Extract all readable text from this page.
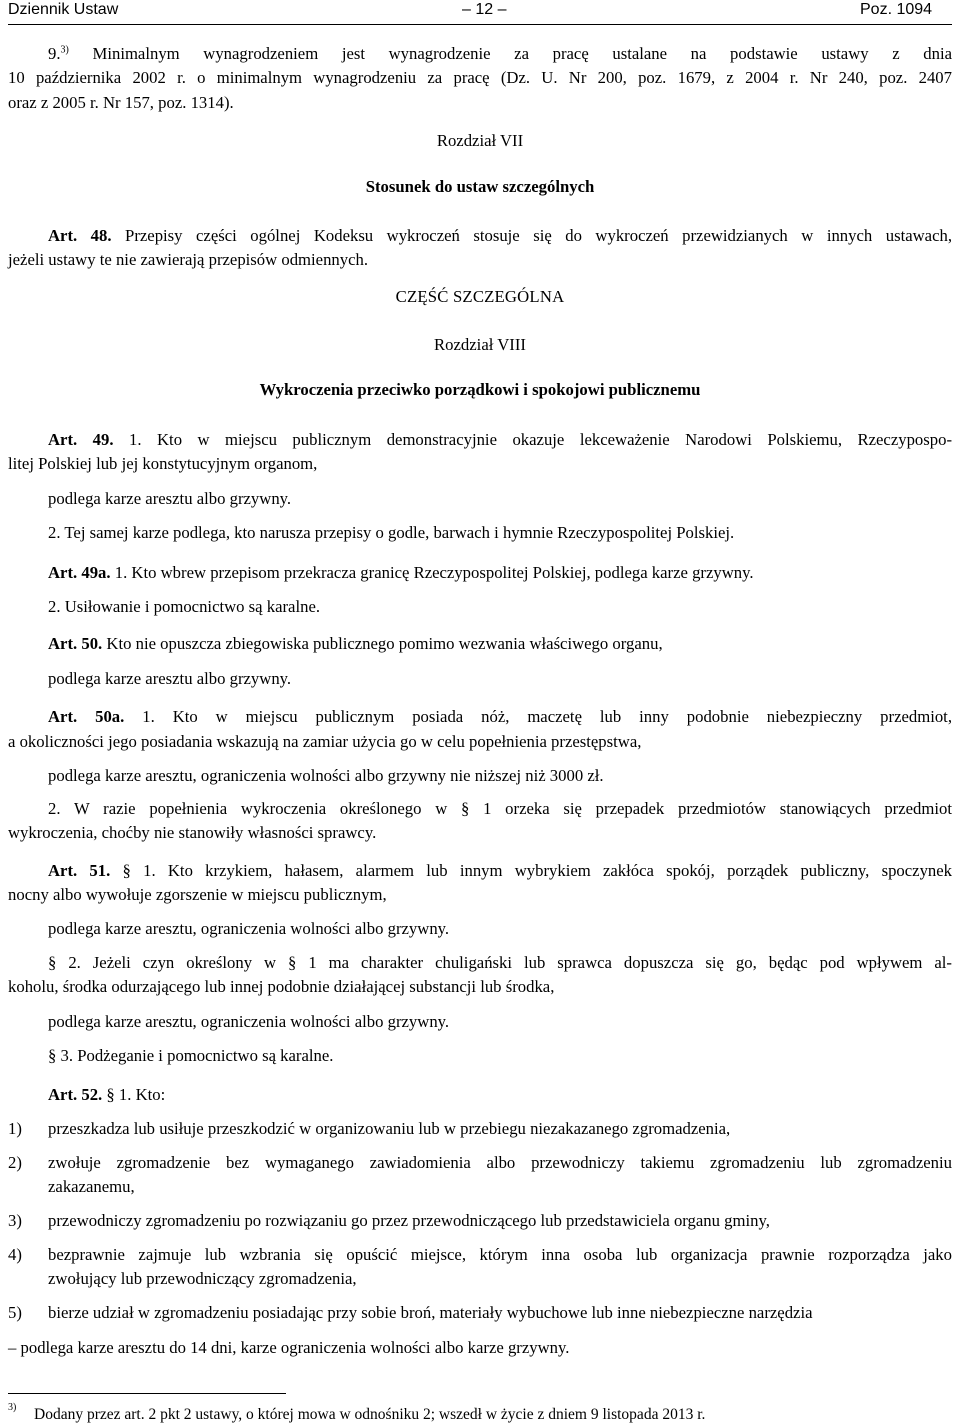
Dziennik Ustaw	– 12 –	Poz. 1094
9.$^{3)}$ Minimalnym wynagrodzeniem jest wynagrodzenie za pracę ustalane na podstawie ustawy z dnia
10 października 2002 r. o minimalnym wynagrodzeniu za pracę (Dz. U. Nr 200, poz. 1679, z 2004 r. Nr 240, poz. 2407
oraz z 2005 r. Nr 157, poz. 1314).
Rozdział VII
Stosunek do ustaw szczególnych
Art. 48. Przepisy części ogólnej Kodeksu wykroczeń stosuje się do wykroczeń przewidzianych w innych ustawach,
jeżeli ustawy te nie zawierają przepisów odmiennych.
CZĘŚĆ SZCZEGÓLNA
Rozdział VIII
Wykroczenia przeciwko porządkowi i spokojowi publicznemu
Art. 49. 1. Kto w miejscu publicznym demonstracyjnie okazuje lekceważenie Narodowi Polskiemu, Rzeczypospo-
litej Polskiej lub jej konstytucyjnym organom,
podlega karze aresztu albo grzywny.
2. Tej samej karze podlega, kto narusza przepisy o godle, barwach i hymnie Rzeczypospolitej Polskiej.
Art. 49a. 1. Kto wbrew przepisom przekracza granicę Rzeczypospolitej Polskiej, podlega karze grzywny.
2. Usiłowanie i pomocnictwo są karalne.
Art. 50. Kto nie opuszcza zbiegowiska publicznego pomimo wezwania właściwego organu,
podlega karze aresztu albo grzywny.
Art. 50a. 1. Kto w miejscu publicznym posiada nóż, maczetę lub inny podobnie niebezpieczny przedmiot,
a okoliczności jego posiadania wskazują na zamiar użycia go w celu popełnienia przestępstwa,
podlega karze aresztu, ograniczenia wolności albo grzywny nie niższej niż 3000 zł.
2. W razie popełnienia wykroczenia określonego w § 1 orzeka się przepadek przedmiotów stanowiących przedmiot
wykroczenia, choćby nie stanowiły własności sprawcy.
Art. 51. § 1. Kto krzykiem, hałasem, alarmem lub innym wybrykiem zakłóca spokój, porządek publiczny, spoczynek
nocny albo wywołuje zgorszenie w miejscu publicznym,
podlega karze aresztu, ograniczenia wolności albo grzywny.
§ 2. Jeżeli czyn określony w § 1 ma charakter chuligański lub sprawca dopuszcza się go, będąc pod wpływem al-
koholu, środka odurzającego lub innej podobnie działającej substancji lub środka,
podlega karze aresztu, ograniczenia wolności albo grzywny.
§ 3. Podżeganie i pomocnictwo są karalne.
Art. 52. § 1. Kto:
1) przeszkadza lub usiłuje przeszkodzić w organizowaniu lub w przebiegu niezakazanego zgromadzenia,
2) zwołuje zgromadzenie bez wymaganego zawiadomienia albo przewodniczy takiemu zgromadzeniu lub zgromadzeniu
zakazanemu,
3) przewodniczy zgromadzeniu po rozwiązaniu go przez przewodniczącego lub przedstawiciela organu gminy,
4) bezprawnie zajmuje lub wzbrania się opuścić miejsce, którym inna osoba lub organizacja prawnie rozporządza jako
zwołujący lub przewodniczący zgromadzenia,
5) bierze udział w zgromadzeniu posiadając przy sobie broń, materiały wybuchowe lub inne niebezpieczne narzędzia
– podlega karze aresztu do 14 dni, karze ograniczenia wolności albo karze grzywny.
$^{3)}$ Dodany przez art. 2 pkt 2 ustawy, o której mowa w odnośniku 2; wszedł w życie z dniem 9 listopada 2013 r.
